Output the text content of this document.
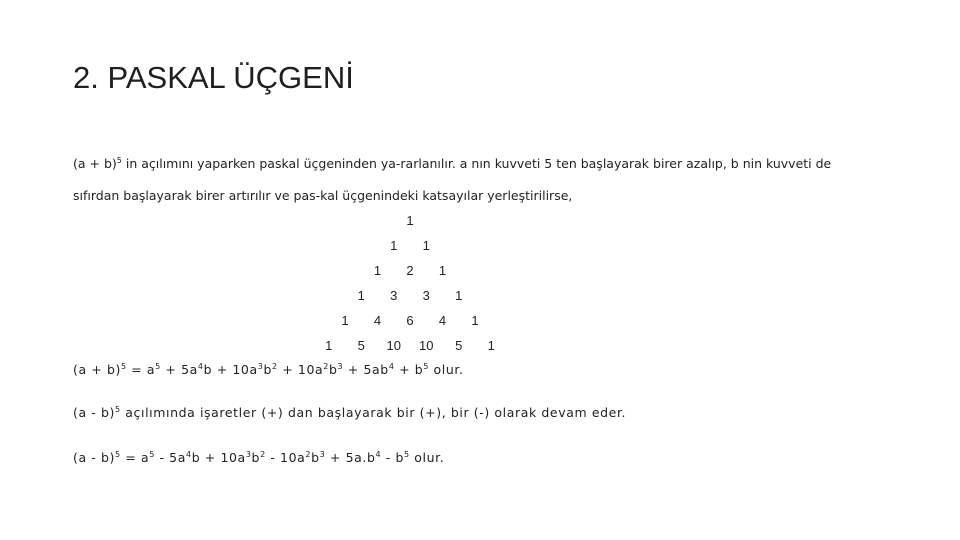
2. PASKAL ÜÇGENİ
$(a + b)^5$ in açılımını yaparken paskal üçgeninden ya-rarlanılır. a nın kuvveti 5 ten başlayarak birer azalıp, b nin kuvveti de
sıfırdan başlayarak birer artırılır ve pas-kal üçgenindeki katsayılar yerleştirilirse,
1
1 1
1 2 1
1 3 3 1
1 4 6 4 1
1 5 10 10 5 1
$(a + b)^5 = a^5 + 5a^4b + 10a^3b^2 + 10a^2b^3 + 5ab^4 + b^5$ olur.
(a - b)$^5$ açılımında işaretler (+) dan başlayarak bir (+), bir (-) olarak devam eder.
$(a - b)^5 = a^5 - 5a^4b + 10a^3b^2 - 10a^2b^3 + 5a.b^4 - b^5$ olur.
